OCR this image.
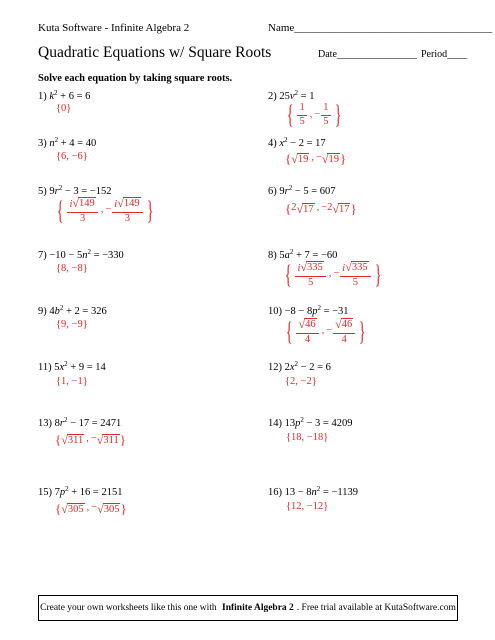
Kuta Software - Infinite Algebra 2	Name____________________________________
Quadratic Equations w/ Square Roots	Date________________ Period____
Solve each equation by taking square roots.
1) $k^2 + 6 = 6$
{0}
2) $25v^2 = 1$
{ $\frac{1}{5}$ , − $\frac{1}{5}$ }
3) $n^2 + 4 = 40$
{6, −6}
4) $x^2 - 2 = 17$
{ √ 19 , − √ 19 }
5) $9r^2 - 3 = -152$
{ $\frac{i √ 149}{3}$ , − $\frac{i √ 149}{3}$ }
6) $9r^2 - 5 = 607$
{ 2 √ 17 , − 2 √ 17 }
$7) -10 - 5n^2 = -330$
{8, −8}
8) $5a^2 + 7 = -60$
{ $\frac{i √ 335}{5}$ , − $\frac{i √ 335}{5}$ }
9) $4b^2 + 2 = 326$
{9, −9}
$10) -8 - 8p^2 = -31$
{ $\frac{√ 46}{4}$ , − $\frac{√ 46}{4}$ }
11) $5x^2 + 9 = 14$
{1, −1}
12) $2x^2 - 2 = 6$
{2, −2}
13) $8r^2 - 17 = 2471$
{ √ 311 , − √ 311 }
14) $13p^2 - 3 = 4209$
{18, −18}
15) $7p^2 + 16 = 2151$
{ √ 305 , − √ 305 }
16) $13 - 8n^2 = -1139$
{12, −12}
Create your own worksheets like this one with
Infinite Algebra 2 . Free trial available at KutaSoftware.com
